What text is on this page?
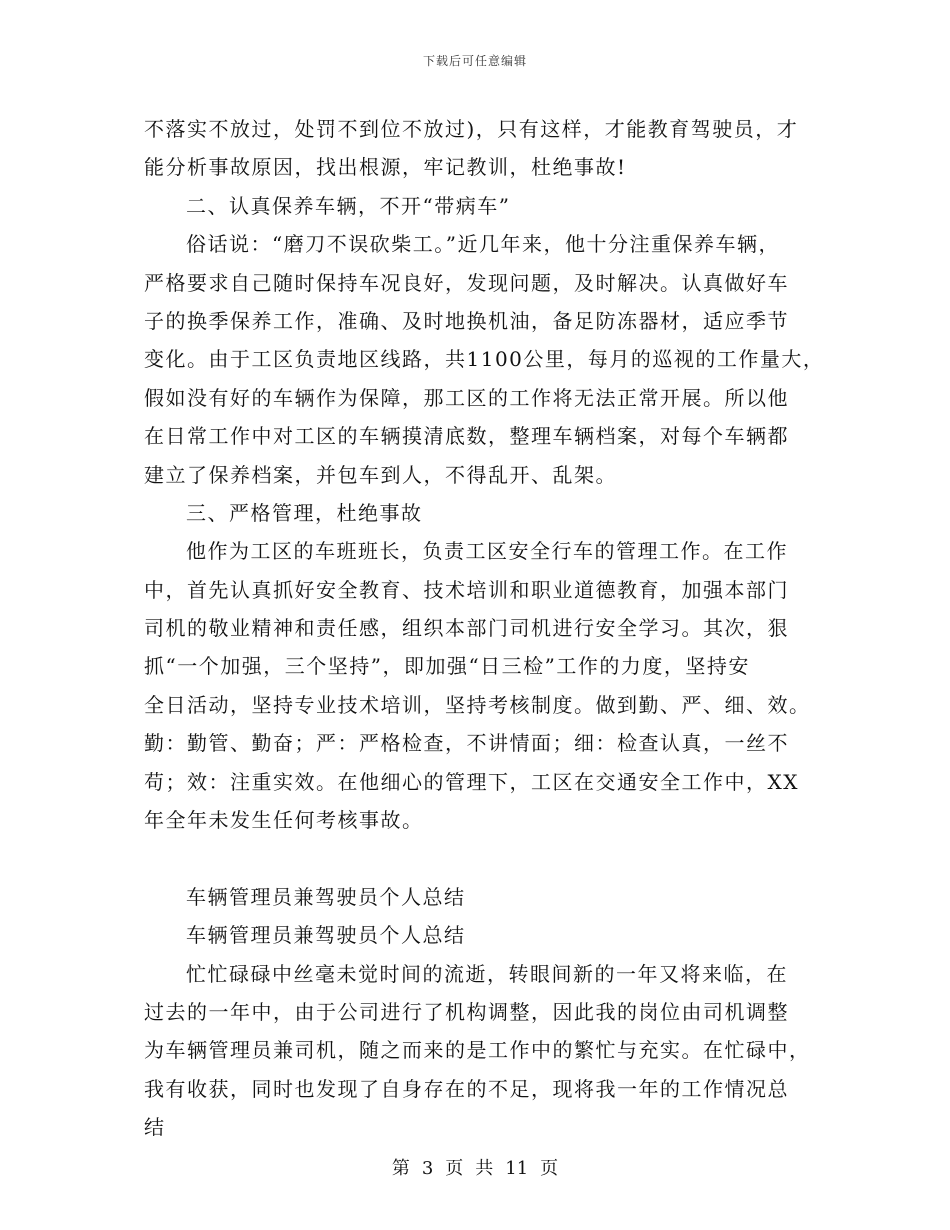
下载后可任意编辑
不落实不放过，处罚不到位不放过)，只有这样，才能教育驾驶员，才
能分析事故原因，找出根源，牢记教训，杜绝事故!
二、认真保养车辆，不开“带病车”
俗话说：“磨刀不误砍柴工。”近几年来，他十分注重保养车辆，
严格要求自己随时保持车况良好，发现问题，及时解决。认真做好车
子的换季保养工作，准确、及时地换机油，备足防冻器材，适应季节
变化。由于工区负责地区线路，共1100公里，每月的巡视的工作量大，
假如没有好的车辆作为保障，那工区的工作将无法正常开展。所以他
在日常工作中对工区的车辆摸清底数，整理车辆档案，对每个车辆都
建立了保养档案，并包车到人，不得乱开、乱架。
三、严格管理，杜绝事故
他作为工区的车班班长，负责工区安全行车的管理工作。在工作
中，首先认真抓好安全教育、技术培训和职业道德教育，加强本部门
司机的敬业精神和责任感，组织本部门司机进行安全学习。其次，狠
抓“一个加强，三个坚持”，即加强“日三检”工作的力度，坚持安
全日活动，坚持专业技术培训，坚持考核制度。做到勤、严、细、效。
勤：勤管、勤奋；严：严格检查，不讲情面；细：检查认真，一丝不
苟；效：注重实效。在他细心的管理下，工区在交通安全工作中，XX
年全年未发生任何考核事故。
车辆管理员兼驾驶员个人总结
车辆管理员兼驾驶员个人总结
忙忙碌碌中丝毫未觉时间的流逝，转眼间新的一年又将来临，在
过去的一年中，由于公司进行了机构调整，因此我的岗位由司机调整
为车辆管理员兼司机，随之而来的是工作中的繁忙与充实。在忙碌中，
我有收获，同时也发现了自身存在的不足，现将我一年的工作情况总
结
第 3 页 共 11 页
